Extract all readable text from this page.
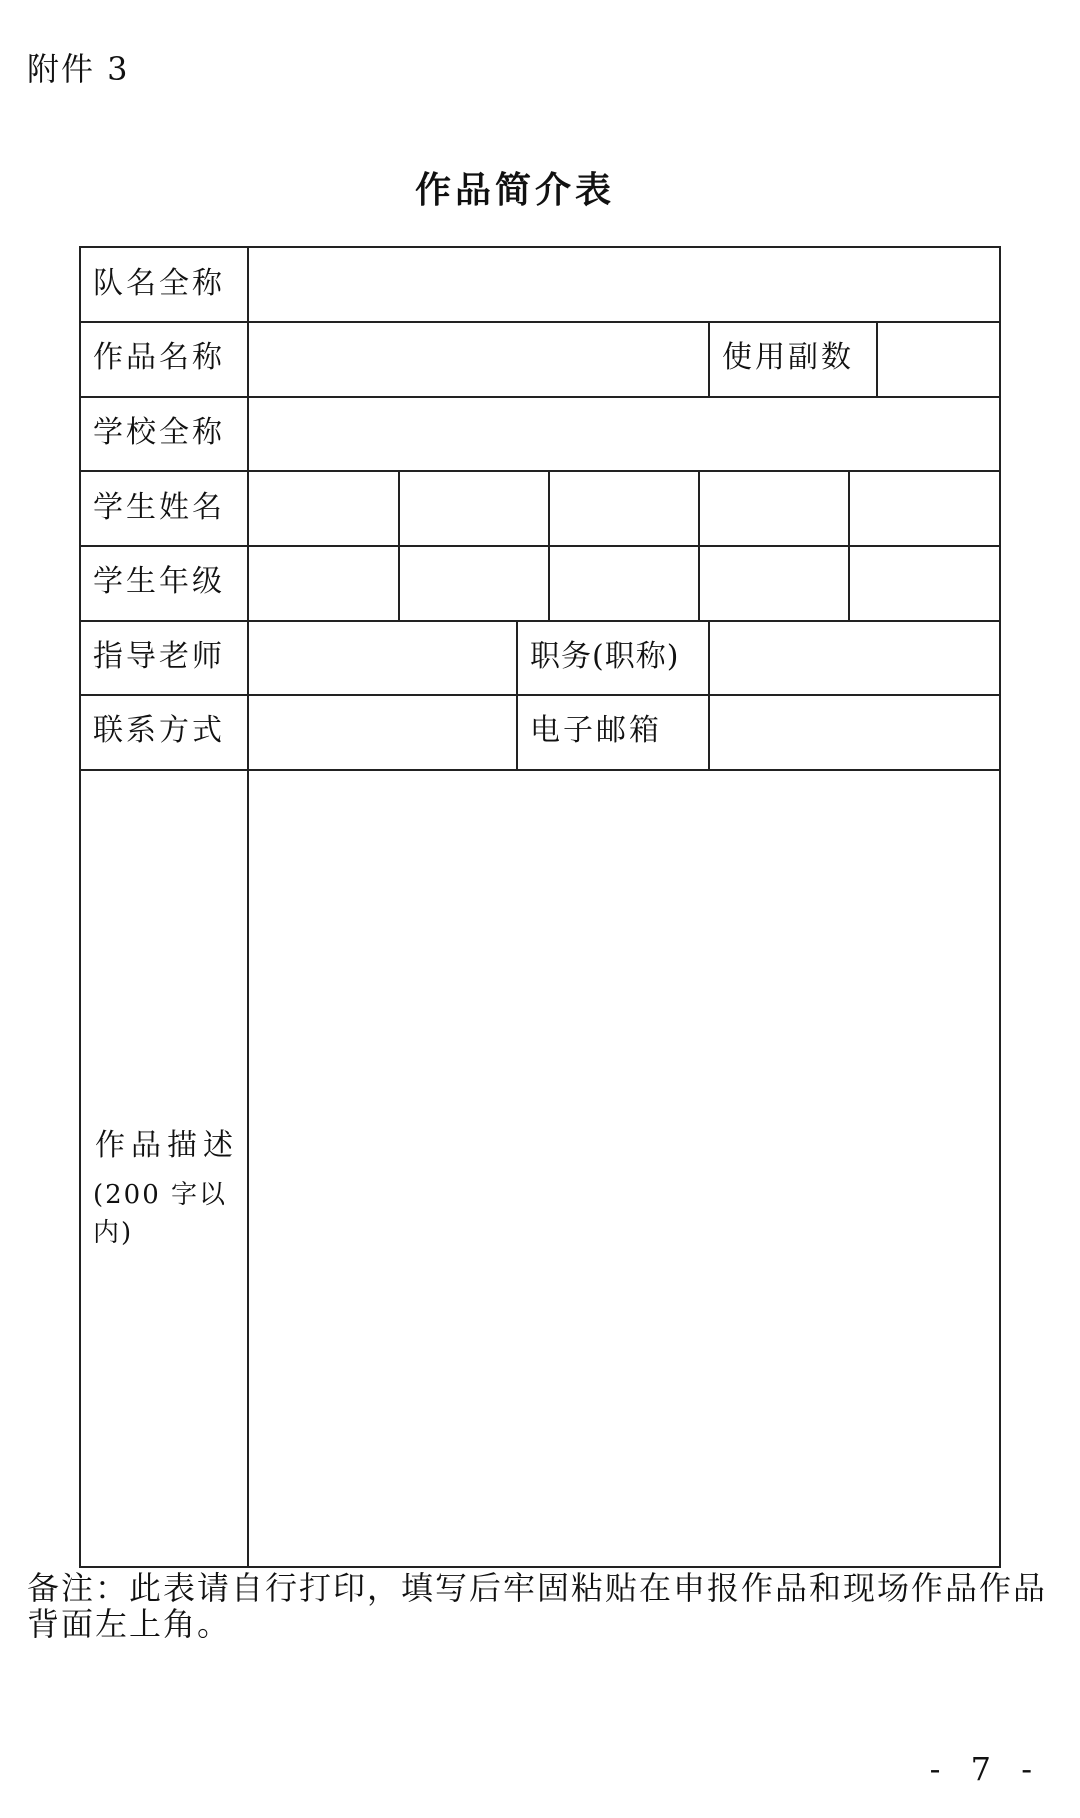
附件 3
作品简介表
队名全称
作品名称	使用副数
学校全称
学生姓名
学生年级
指导老师	职务(职称)
联系方式	电子邮箱
作品描述
(200 字以内)
备注：此表请自行打印，填写后牢固粘贴在申报作品和现场作品作品背面左上角。
- 7 -
